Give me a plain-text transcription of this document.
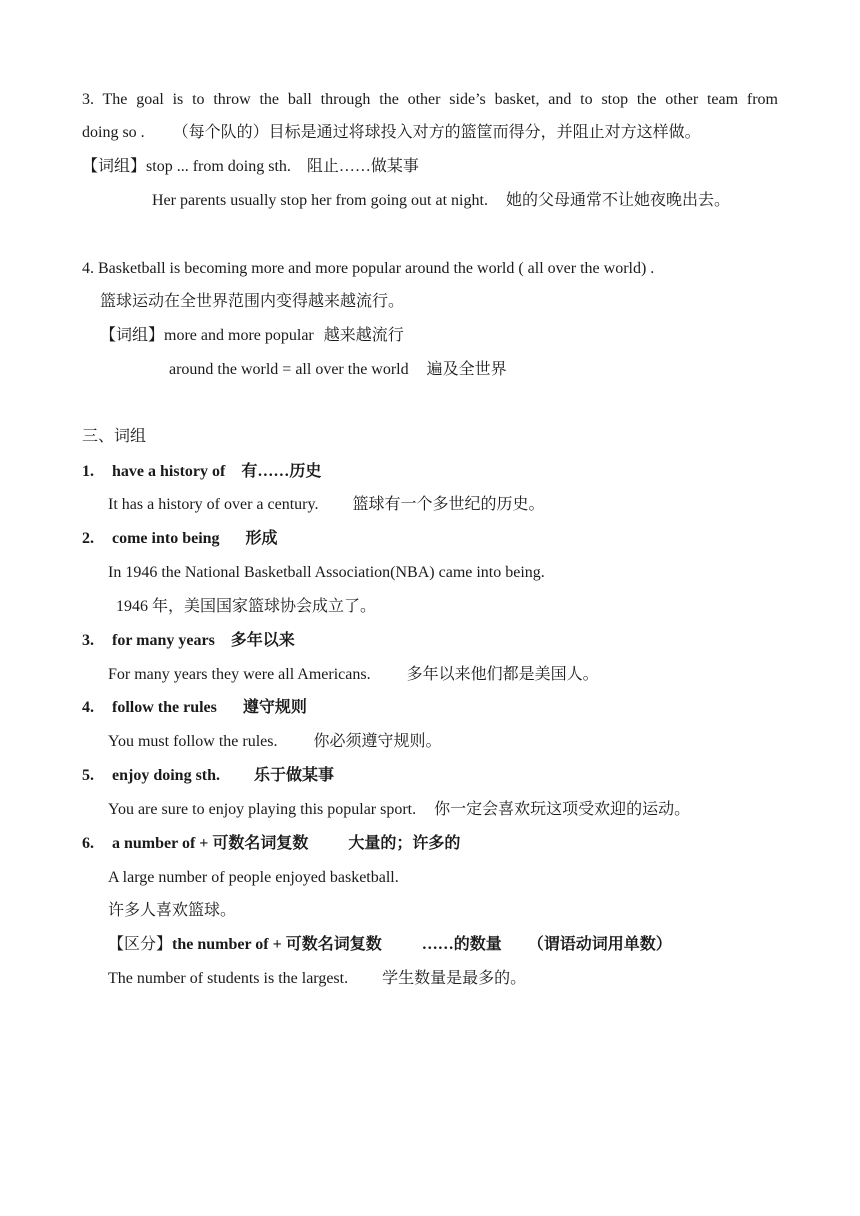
3. The goal is to throw the ball through the other side’s basket, and to stop the other team from
doing so . （每个队的）目标是通过将球投入对方的篮筐而得分，并阻止对方这样做。
【词组】stop ... from doing sth. 阻止……做某事
Her parents usually stop her from going out at night. 她的父母通常不让她夜晚出去。
4. Basketball is becoming more and more popular around the world ( all over the world) .
篮球运动在全世界范围内变得越来越流行。
【词组】more and more popular 越来越流行
around the world = all over the world 遍及全世界
三、词组
1. have a history of 有……历史
It has a history of over a century. 篮球有一个多世纪的历史。
2. come into being 形成
In 1946 the National Basketball Association(NBA) came into being.
1946 年，美国国家篮球协会成立了。
3. for many years 多年以来
For many years they were all Americans. 多年以来他们都是美国人。
4. follow the rules 遵守规则
You must follow the rules. 你必须遵守规则。
5. enjoy doing sth. 乐于做某事
You are sure to enjoy playing this popular sport. 你一定会喜欢玩这项受欢迎的运动。
6. a number of + 可数名词复数	大量的；许多的
A large number of people enjoyed basketball.
许多人喜欢篮球。
【区分】the number of + 可数名词复数	……的数量 （谓语动词用单数）
The number of students is the largest. 学生数量是最多的。
